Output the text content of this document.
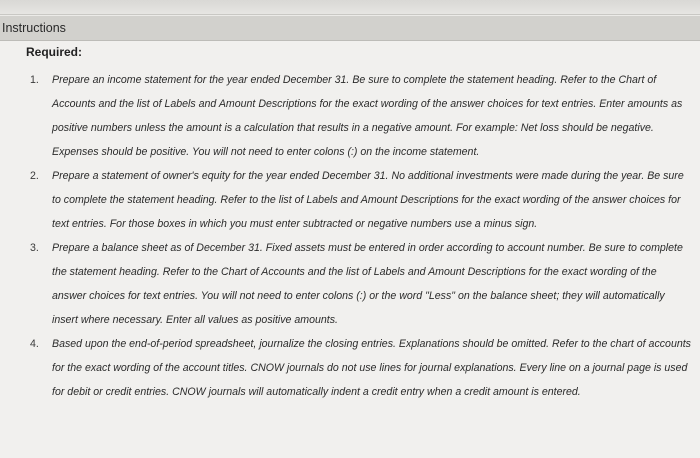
Instructions
Required:
1. Prepare an income statement for the year ended December 31. Be sure to complete the statement heading. Refer to the Chart of Accounts and the list of Labels and Amount Descriptions for the exact wording of the answer choices for text entries. Enter amounts as positive numbers unless the amount is a calculation that results in a negative amount. For example: Net loss should be negative. Expenses should be positive. You will not need to enter colons (:) on the income statement.
2. Prepare a statement of owner's equity for the year ended December 31. No additional investments were made during the year. Be sure to complete the statement heading. Refer to the list of Labels and Amount Descriptions for the exact wording of the answer choices for text entries. For those boxes in which you must enter subtracted or negative numbers use a minus sign.
3. Prepare a balance sheet as of December 31. Fixed assets must be entered in order according to account number. Be sure to complete the statement heading. Refer to the Chart of Accounts and the list of Labels and Amount Descriptions for the exact wording of the answer choices for text entries. You will not need to enter colons (:) or the word "Less" on the balance sheet; they will automatically insert where necessary. Enter all values as positive amounts.
4. Based upon the end-of-period spreadsheet, journalize the closing entries. Explanations should be omitted. Refer to the chart of accounts for the exact wording of the account titles. CNOW journals do not use lines for journal explanations. Every line on a journal page is used for debit or credit entries. CNOW journals will automatically indent a credit entry when a credit amount is entered.
